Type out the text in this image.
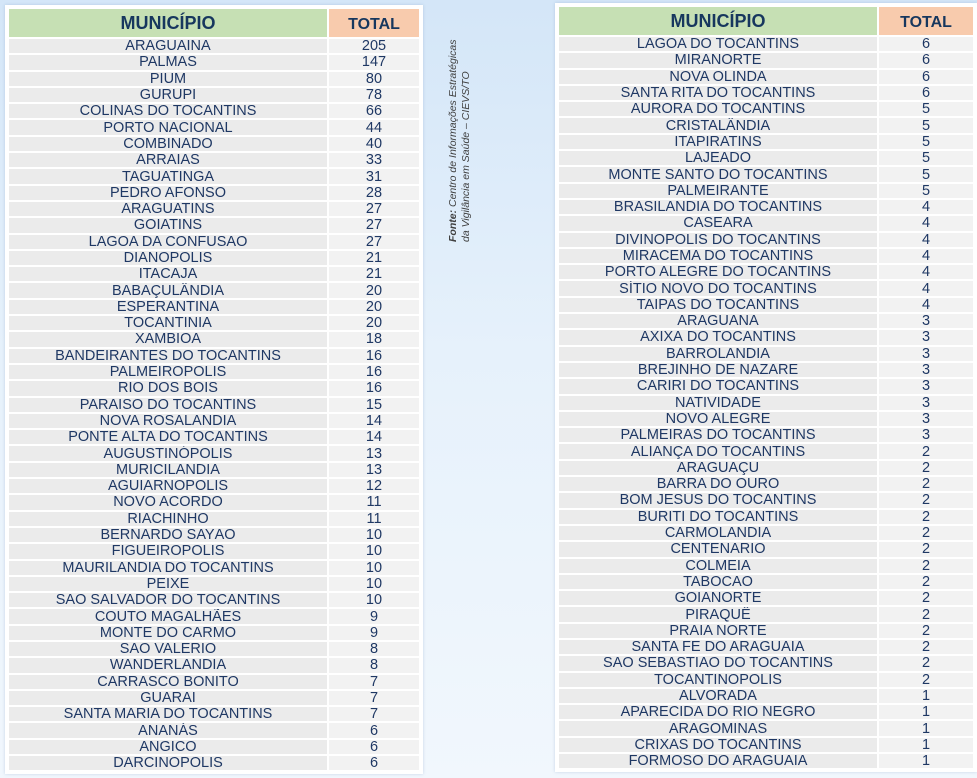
MUNICÍPIO	TOTAL
ARAGUAÍNA	205
PALMAS	147
PIUM	80
GURUPI	78
COLINAS DO TOCANTINS	66
PORTO NACIONAL	44
COMBINADO	40
ARRAIAS	33
TAGUATINGA	31
PEDRO AFONSO	28
ARAGUATINS	27
GOIATINS	27
LAGOA DA CONFUSÃO	27
DIANÓPOLIS	21
ITACAJÁ	21
BABAÇULÂNDIA	20
ESPERANTINA	20
TOCANTÍNIA	20
XAMBIOÁ	18
BANDEIRANTES DO TOCANTINS	16
PALMEIRÓPOLIS	16
RIO DOS BOIS	16
PARAÍSO DO TOCANTINS	15
NOVA ROSALÂNDIA	14
PONTE ALTA DO TOCANTINS	14
AUGUSTINÓPOLIS	13
MURICILÂNDIA	13
AGUIARNÓPOLIS	12
NOVO ACORDO	11
RIACHINHO	11
BERNARDO SAYÃO	10
FIGUEIRÓPOLIS	10
MAURILÂNDIA DO TOCANTINS	10
PEIXE	10
SÃO SALVADOR DO TOCANTINS	10
COUTO MAGALHÃES	9
MONTE DO CARMO	9
SÃO VALÉRIO	8
WANDERLÂNDIA	8
CARRASCO BONITO	7
GUARAÍ	7
SANTA MARIA DO TOCANTINS	7
ANANÁS	6
ANGICO	6
DARCINÓPOLIS	6
Fonte: Centro de Informações Estratégicas
da Vigilância em Saúde – CIEVS/TO
MUNICÍPIO	TOTAL
LAGOA DO TOCANTINS	6
MIRANORTE	6
NOVA OLINDA	6
SANTA RITA DO TOCANTINS	6
AURORA DO TOCANTINS	5
CRISTALÂNDIA	5
ITAPIRATINS	5
LAJEADO	5
MONTE SANTO DO TOCANTINS	5
PALMEIRANTE	5
BRASILÂNDIA DO TOCANTINS	4
CASEARA	4
DIVINÓPOLIS DO TOCANTINS	4
MIRACEMA DO TOCANTINS	4
PORTO ALEGRE DO TOCANTINS	4
SÍTIO NOVO DO TOCANTINS	4
TAIPAS DO TOCANTINS	4
ARAGUANÃ	3
AXIXÁ DO TOCANTINS	3
BARROLÂNDIA	3
BREJINHO DE NAZARÉ	3
CARIRI DO TOCANTINS	3
NATIVIDADE	3
NOVO ALEGRE	3
PALMEIRAS DO TOCANTINS	3
ALIANÇA DO TOCANTINS	2
ARAGUAÇU	2
BARRA DO OURO	2
BOM JESUS DO TOCANTINS	2
BURITI DO TOCANTINS	2
CARMOLÂNDIA	2
CENTENÁRIO	2
COLMÉIA	2
TABOCÃO	2
GOIANORTE	2
PIRAQUÊ	2
PRAIA NORTE	2
SANTA FÉ DO ARAGUAIA	2
SÃO SEBASTIÃO DO TOCANTINS	2
TOCANTINÓPOLIS	2
ALVORADA	1
APARECIDA DO RIO NEGRO	1
ARAGOMINAS	1
CRIXÁS DO TOCANTINS	1
FORMOSO DO ARAGUAIA	1
